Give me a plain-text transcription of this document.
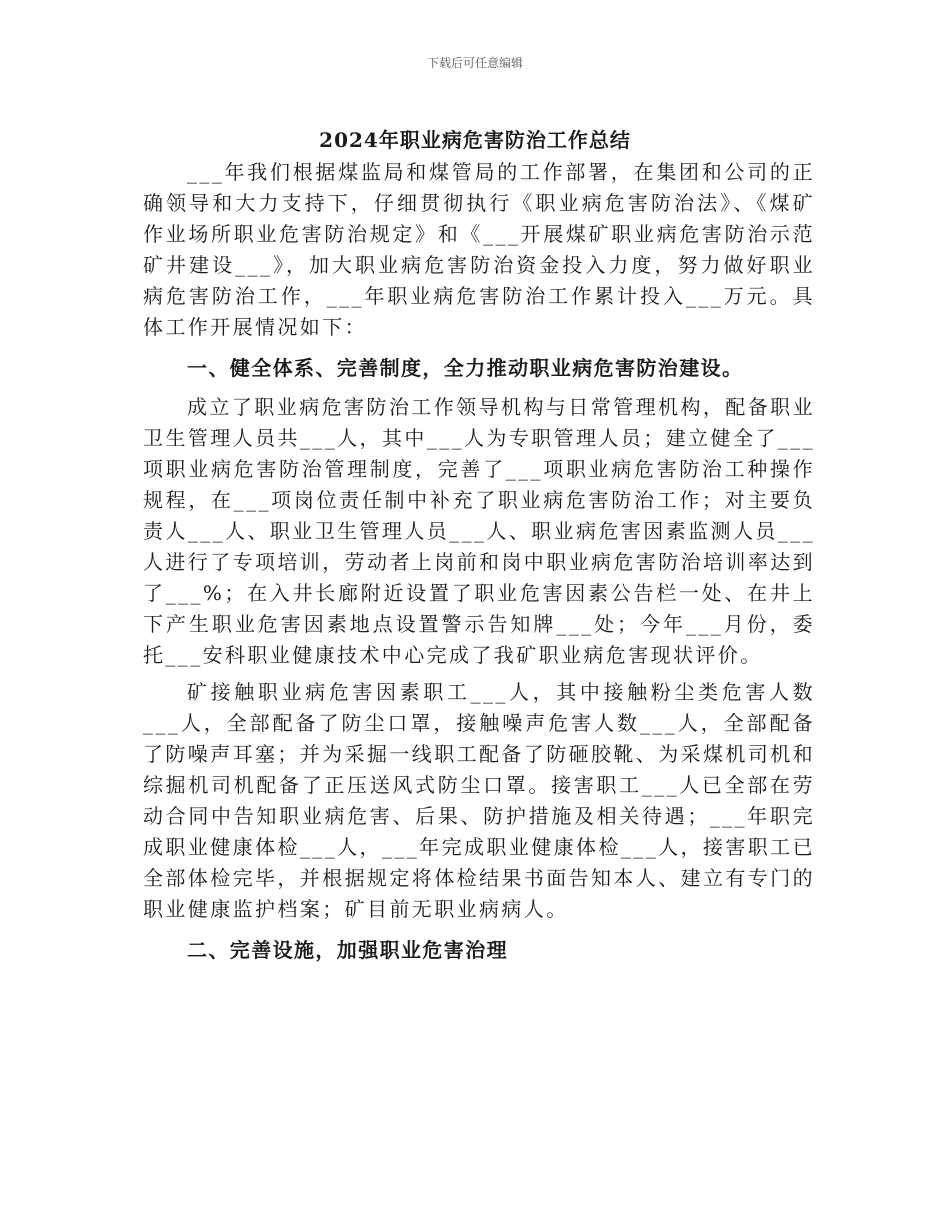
下载后可任意编辑
2024年职业病危害防治工作总结

___年我们根据煤监局和煤管局的工作部署，在集团和公司的正确领导和大力支持下，仔细贯彻执行《职业病危害防治法》、《煤矿作业场所职业危害防治规定》和《___开展煤矿职业病危害防治示范矿井建设___》，加大职业病危害防治资金投入力度，努力做好职业病危害防治工作，___年职业病危害防治工作累计投入___万元。具体工作开展情况如下：

一、健全体系、完善制度，全力推动职业病危害防治建设。

成立了职业病危害防治工作领导机构与日常管理机构，配备职业卫生管理人员共___人，其中___人为专职管理人员；建立健全了___项职业病危害防治管理制度，完善了___项职业病危害防治工种操作规程，在___项岗位责任制中补充了职业病危害防治工作；对主要负责人___人、职业卫生管理人员___人、职业病危害因素监测人员___人进行了专项培训，劳动者上岗前和岗中职业病危害防治培训率达到了___%；在入井长廊附近设置了职业危害因素公告栏一处、在井上下产生职业危害因素地点设置警示告知牌___处；今年___月份，委托___安科职业健康技术中心完成了我矿职业病危害现状评价。

矿接触职业病危害因素职工___人，其中接触粉尘类危害人数___人，全部配备了防尘口罩，接触噪声危害人数___人，全部配备了防噪声耳塞；并为采掘一线职工配备了防砸胶靴、为采煤机司机和综掘机司机配备了正压送风式防尘口罩。接害职工___人已全部在劳动合同中告知职业病危害、后果、防护措施及相关待遇；___年职完成职业健康体检___人，___年完成职业健康体检___人，接害职工已全部体检完毕，并根据规定将体检结果书面告知本人、建立有专门的职业健康监护档案；矿目前无职业病病人。

二、完善设施，加强职业危害治理
